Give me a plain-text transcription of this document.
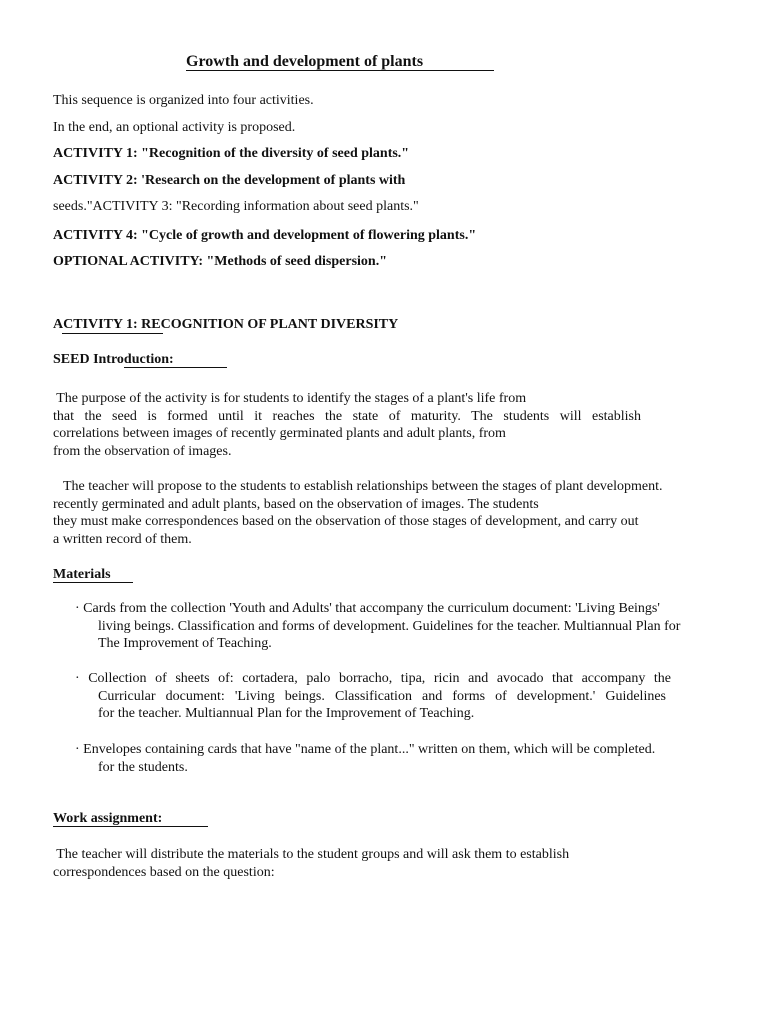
Growth and development of plants
This sequence is organized into four activities.
In the end, an optional activity is proposed.
ACTIVITY 1: "Recognition of the diversity of seed plants."
ACTIVITY 2: 'Research on the development of plants with
seeds."ACTIVITY 3: "Recording information about seed plants."
ACTIVITY 4: "Cycle of growth and development of flowering plants."
OPTIONAL ACTIVITY: "Methods of seed dispersion."
ACTIVITY 1: RECOGNITION OF PLANT DIVERSITY
SEED Introduction:
The purpose of the activity is for students to identify the stages of a plant's life from
that the seed is formed until it reaches the state of maturity. The students will establish
correlations between images of recently germinated plants and adult plants, from
from the observation of images.
The teacher will propose to the students to establish relationships between the stages of plant development.
recently germinated and adult plants, based on the observation of images. The students
they must make correspondences based on the observation of those stages of development, and carry out
a written record of them.
Materials
· Cards from the collection 'Youth and Adults' that accompany the curriculum document: 'Living Beings'
living beings. Classification and forms of development. Guidelines for the teacher. Multiannual Plan for
The Improvement of Teaching.
· Collection of sheets of: cortadera, palo borracho, tipa, ricin and avocado that accompany the
Curricular document: 'Living beings. Classification and forms of development.' Guidelines
for the teacher. Multiannual Plan for the Improvement of Teaching.
· Envelopes containing cards that have "name of the plant..." written on them, which will be completed.
for the students.
Work assignment:
The teacher will distribute the materials to the student groups and will ask them to establish
correspondences based on the question:
